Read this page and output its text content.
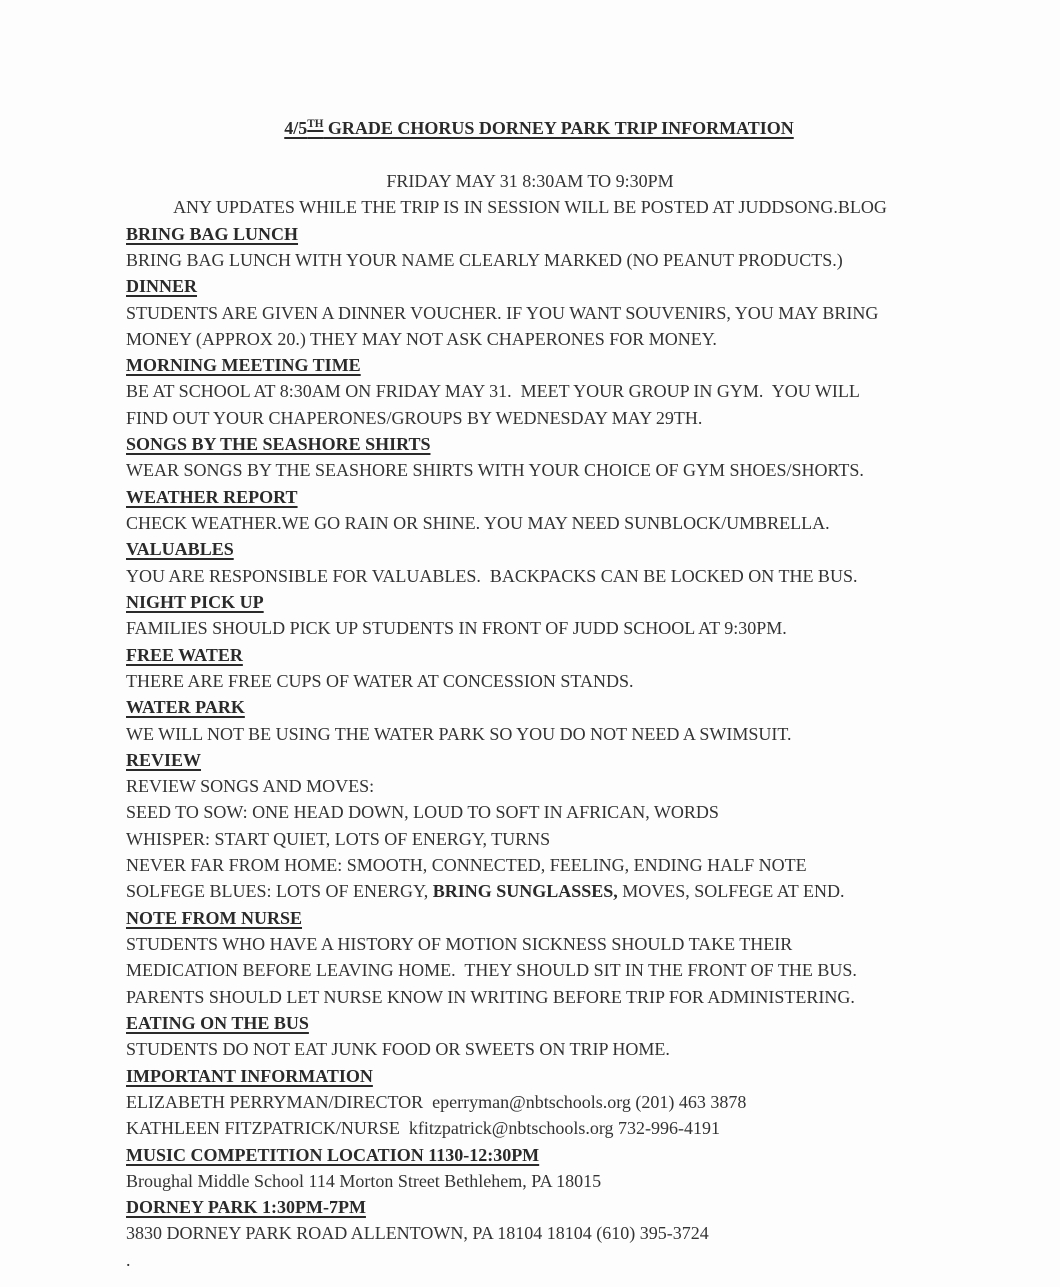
4/5TH GRADE CHORUS DORNEY PARK TRIP INFORMATION

FRIDAY MAY 31 8:30AM TO 9:30PM
ANY UPDATES WHILE THE TRIP IS IN SESSION WILL BE POSTED AT JUDDSONG.BLOG
BRING BAG LUNCH
BRING BAG LUNCH WITH YOUR NAME CLEARLY MARKED (NO PEANUT PRODUCTS.)
DINNER
STUDENTS ARE GIVEN A DINNER VOUCHER. IF YOU WANT SOUVENIRS, YOU MAY BRING
MONEY (APPROX 20.) THEY MAY NOT ASK CHAPERONES FOR MONEY.
MORNING MEETING TIME
BE AT SCHOOL AT 8:30AM ON FRIDAY MAY 31.  MEET YOUR GROUP IN GYM.  YOU WILL
FIND OUT YOUR CHAPERONES/GROUPS BY WEDNESDAY MAY 29TH.
SONGS BY THE SEASHORE SHIRTS
WEAR SONGS BY THE SEASHORE SHIRTS WITH YOUR CHOICE OF GYM SHOES/SHORTS.
WEATHER REPORT
CHECK WEATHER.WE GO RAIN OR SHINE. YOU MAY NEED SUNBLOCK/UMBRELLA.
VALUABLES
YOU ARE RESPONSIBLE FOR VALUABLES.  BACKPACKS CAN BE LOCKED ON THE BUS.
NIGHT PICK UP
FAMILIES SHOULD PICK UP STUDENTS IN FRONT OF JUDD SCHOOL AT 9:30PM.
FREE WATER
THERE ARE FREE CUPS OF WATER AT CONCESSION STANDS.
WATER PARK
WE WILL NOT BE USING THE WATER PARK SO YOU DO NOT NEED A SWIMSUIT.
REVIEW
REVIEW SONGS AND MOVES:
SEED TO SOW: ONE HEAD DOWN, LOUD TO SOFT IN AFRICAN, WORDS
WHISPER: START QUIET, LOTS OF ENERGY, TURNS
NEVER FAR FROM HOME: SMOOTH, CONNECTED, FEELING, ENDING HALF NOTE
SOLFEGE BLUES: LOTS OF ENERGY, BRING SUNGLASSES, MOVES, SOLFEGE AT END.
NOTE FROM NURSE
STUDENTS WHO HAVE A HISTORY OF MOTION SICKNESS SHOULD TAKE THEIR
MEDICATION BEFORE LEAVING HOME.  THEY SHOULD SIT IN THE FRONT OF THE BUS.
PARENTS SHOULD LET NURSE KNOW IN WRITING BEFORE TRIP FOR ADMINISTERING.
EATING ON THE BUS
STUDENTS DO NOT EAT JUNK FOOD OR SWEETS ON TRIP HOME.
IMPORTANT INFORMATION
ELIZABETH PERRYMAN/DIRECTOR  eperryman@nbtschools.org (201) 463 3878
KATHLEEN FITZPATRICK/NURSE  kfitzpatrick@nbtschools.org 732-996-4191
MUSIC COMPETITION LOCATION 1130-12:30PM
Broughal Middle School 114 Morton Street Bethlehem, PA 18015
DORNEY PARK 1:30PM-7PM
3830 DORNEY PARK ROAD ALLENTOWN, PA 18104 18104 (610) 395-3724
.
